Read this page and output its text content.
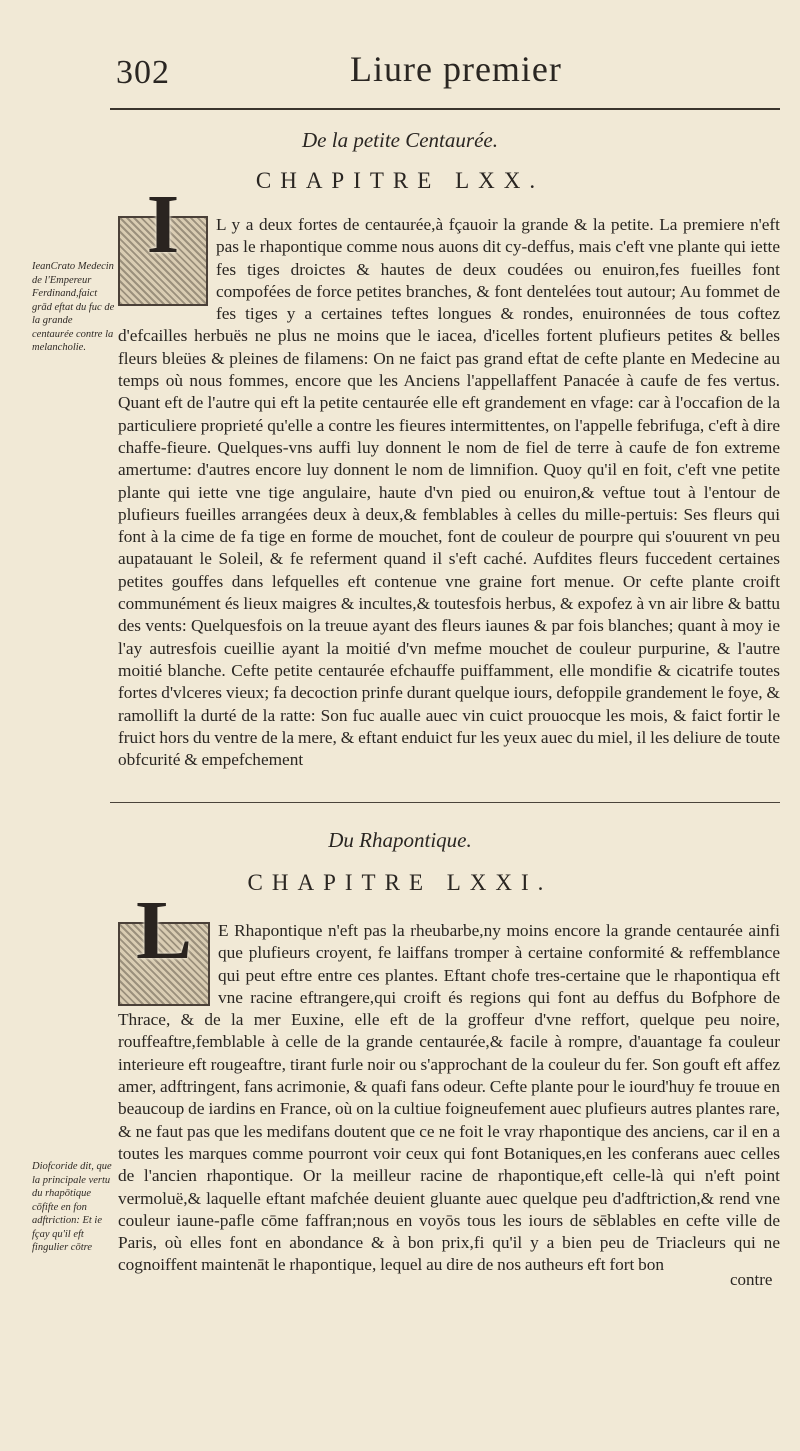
302	Liure premier
De la petite Centaurée.
CHAPITRE LXX.
IeanCrato Medecin de l'Empereur Ferdinand,faict grād eftat du fuc de la grande centaurée contre la melancholie.
I	L y a deux fortes de centaurée,à fçauoir la grande & la petite. La premiere n'eft pas le rhapontique comme nous auons dit cy-deffus, mais c'eft vne plante qui iette fes tiges droictes & hautes de deux coudées ou enuiron,fes fueilles font compofées de force petites branches, & font dentelées tout autour; Au fommet de fes tiges y a certaines teftes longues & rondes, enuironnées de tous coftez d'efcailles herbuës ne plus ne moins que le iacea, d'icelles fortent plufieurs petites & belles fleurs bleües & pleines de filamens: On ne faict pas grand eftat de cefte plante en Medecine au temps où nous fommes, encore que les Anciens l'appellaffent Panacée à caufe de fes vertus. Quant eft de l'autre qui eft la petite centaurée elle eft grandement en vfage: car à l'occafion de la particuliere proprieté qu'elle a contre les fieures intermittentes, on l'appelle febrifuga, c'eft à dire chaffe-fieure. Quelques-vns auffi luy donnent le nom de fiel de terre à caufe de fon extreme amertume: d'autres encore luy donnent le nom de limnifion. Quoy qu'il en foit, c'eft vne petite plante qui iette vne tige angulaire, haute d'vn pied ou enuiron,& veftue tout à l'entour de plufieurs fueilles arrangées deux à deux,& femblables à celles du mille-pertuis: Ses fleurs qui font à la cime de fa tige en forme de mouchet, font de couleur de pourpre qui s'ouurent vn peu aupatauant le Soleil, & fe referment quand il s'eft caché. Aufdites fleurs fuccedent certaines petites gouffes dans lefquelles eft contenue vne graine fort menue. Or cefte plante croift communément és lieux maigres & incultes,& toutesfois herbus, & expofez à vn air libre & battu des vents: Quelquesfois on la treuue ayant des fleurs iaunes & par fois blanches; quant à moy ie l'ay autresfois cueillie ayant la moitié d'vn mefme mouchet de couleur purpurine, & l'autre moitié blanche. Cefte petite centaurée efchauffe puiffamment, elle mondifie & cicatrife toutes fortes d'vlceres vieux; fa decoction prinfe durant quelque iours, defoppile grandement le foye, & ramollift la durté de la ratte: Son fuc aualle auec vin cuict prouocque les mois, & faict fortir le fruict hors du ventre de la mere, & eftant enduict fur les yeux auec du miel, il les deliure de toute obfcurité & empefchement

Du Rhapontique.
CHAPITRE LXXI.
Diofcoride dit, que la principale vertu du rhapōtique cōfifte en fon adftriction: Et ie fçay qu'il eft fingulier cōtre
L	E Rhapontique n'eft pas la rheubarbe,ny moins encore la grande centaurée ainfi que plufieurs croyent, fe laiffans tromper à certaine conformité & reffemblance qui peut eftre entre ces plantes. Eftant chofe tres-certaine que le rhapontiqua eft vne racine eftrangere,qui croift és regions qui font au deffus du Bofphore de Thrace, & de la mer Euxine, elle eft de la groffeur d'vne reffort, quelque peu noire, rouffeaftre,femblable à celle de la grande centaurée,& facile à rompre, d'auantage fa couleur interieure eft rougeaftre, tirant furle noir ou s'approchant de la couleur du fer. Son gouft eft affez amer, adftringent, fans acrimonie, & quafi fans odeur. Cefte plante pour le iourd'huy fe trouue en beaucoup de iardins en France, où on la cultiue foigneufement auec plufieurs autres plantes rare, & ne faut pas que les medifans doutent que ce ne foit le vray rhapontique des anciens, car il en a toutes les marques comme pourront voir ceux qui font Botaniques,en les conferans auec celles de l'ancien rhapontique. Or la meilleur racine de rhapontique,eft celle-là qui n'eft point vermoluë,& laquelle eftant mafchée deuient gluante auec quelque peu d'adftriction,& rend vne couleur iaune-pafle cōme faffran;nous en voyōs tous les iours de sēblables en cefte ville de Paris, où elles font en abondance & à bon prix,fi qu'il y a bien peu de Triacleurs qui ne cognoiffent maintenāt le rhapontique, lequel au dire de nos autheurs eft fort bon

contre
